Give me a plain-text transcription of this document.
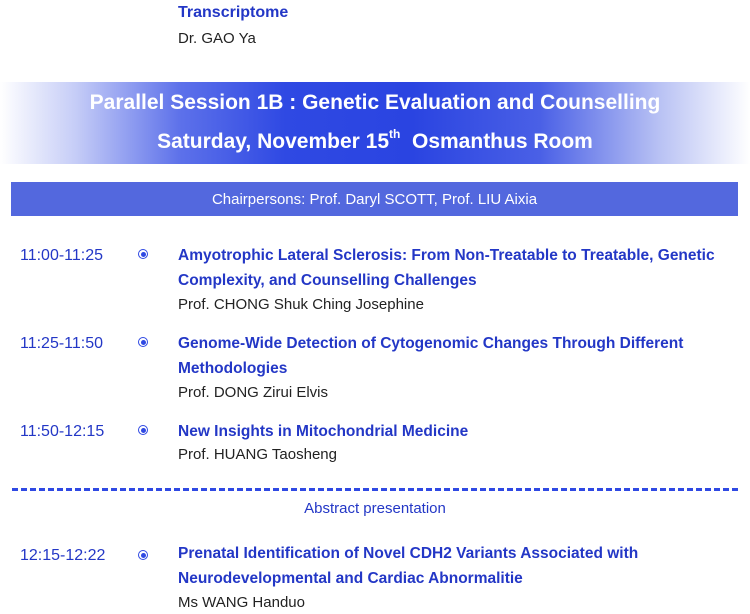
Transcriptome
Dr. GAO Ya
Parallel Session 1B : Genetic Evaluation and Counselling
Saturday, November 15th Osmanthus Room
Chairpersons: Prof. Daryl SCOTT, Prof. LIU Aixia
11:00-11:25	Amyotrophic Lateral Sclerosis: From Non-Treatable to Treatable, Genetic Complexity, and Counselling Challenges
Prof. CHONG Shuk Ching Josephine
11:25-11:50	Genome-Wide Detection of Cytogenomic Changes Through Different Methodologies
Prof. DONG Zirui Elvis
11:50-12:15	New Insights in Mitochondrial Medicine
Prof. HUANG Taosheng
Abstract presentation
12:15-12:22	Prenatal Identification of Novel CDH2 Variants Associated with Neurodevelopmental and Cardiac Abnormalitie
Ms WANG Handuo
